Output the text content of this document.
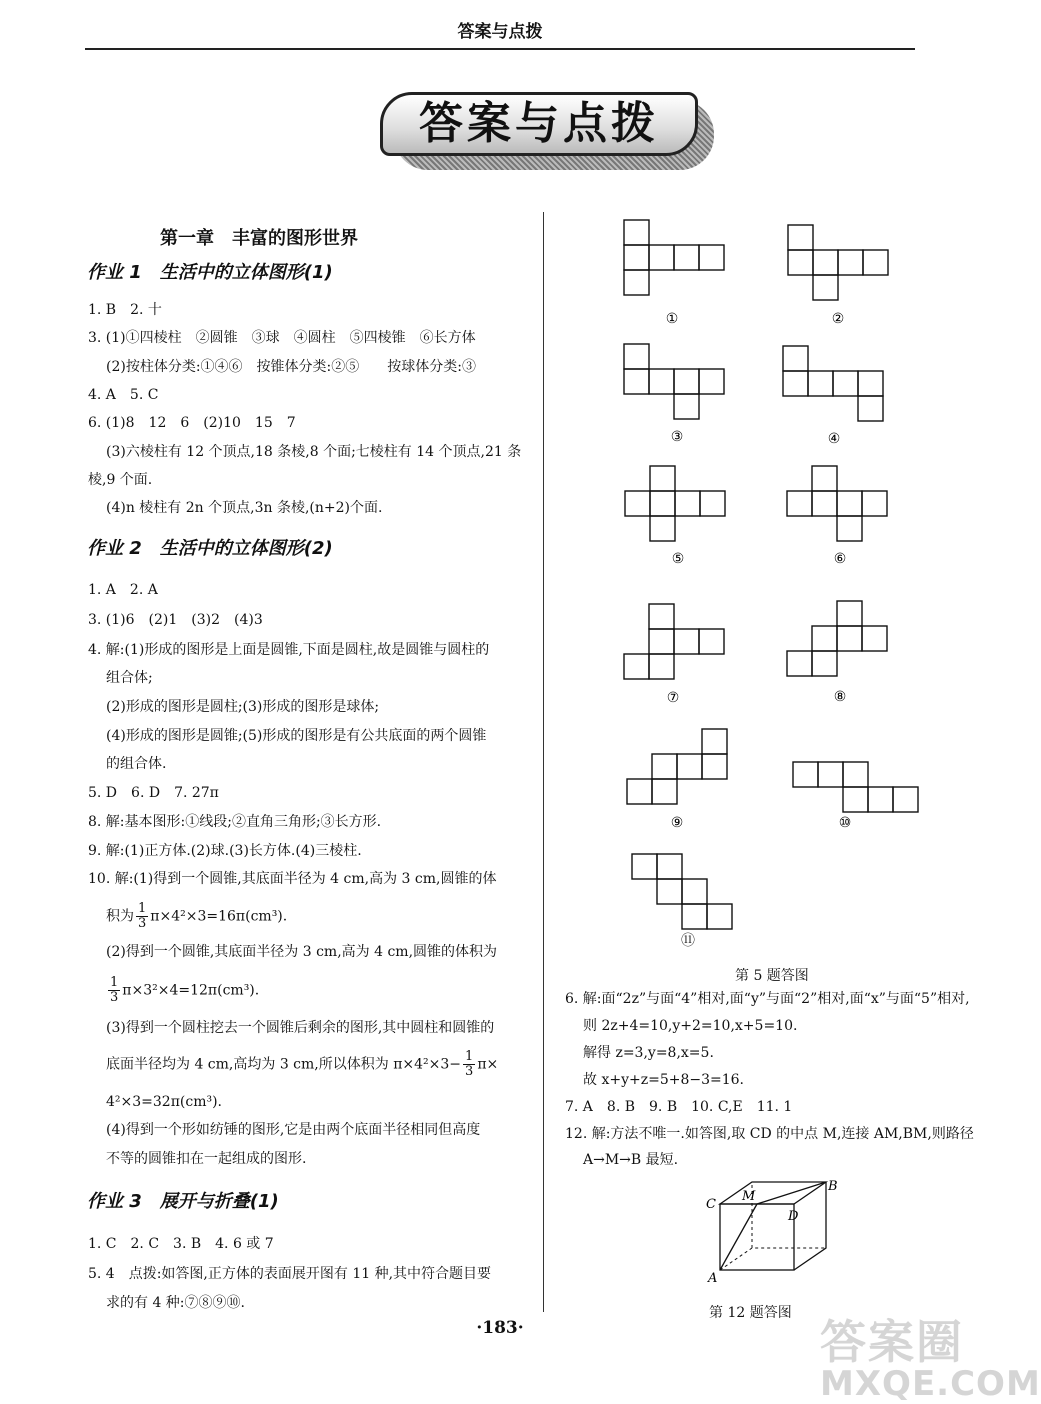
答案与点拨
答案与点拨
第一章　丰富的图形世界
作业 1　生活中的立体图形(1)
1. B　2. 十
3. (1)①四棱柱　②圆锥　③球　④圆柱　⑤四棱锥　⑥长方体
(2)按柱体分类:①④⑥　按锥体分类:②⑤　　按球体分类:③
4. A　5. C
6. (1)8　12　6　(2)10　15　7
(3)六棱柱有 12 个顶点,18 条棱,8 个面;七棱柱有 14 个顶点,21 条
棱,9 个面.
(4)n 棱柱有 2n 个顶点,3n 条棱,(n+2)个面.
作业 2　生活中的立体图形(2)
1. A　2. A
3. (1)6　(2)1　(3)2　(4)3
4. 解:(1)形成的图形是上面是圆锥,下面是圆柱,故是圆锥与圆柱的
组合体;
(2)形成的图形是圆柱;(3)形成的图形是球体;
(4)形成的图形是圆锥;(5)形成的图形是有公共底面的两个圆锥
的组合体.
5. D　6. D　7. 27π
8. 解:基本图形:①线段;②直角三角形;③长方形.
9. 解:(1)正方体.(2)球.(3)长方体.(4)三棱柱.
10. 解:(1)得到一个圆锥,其底面半径为 4 cm,高为 3 cm,圆锥的体
积为 $\frac{1}{3} \pi\times 4^2\times 3=16\pi(cm^3)$.
(2)得到一个圆锥,其底面半径为 3 cm,高为 4 cm,圆锥的体积为
$\frac{1}{3} \pi\times 3^2\times 4=12\pi(cm^3)$.
(3)得到一个圆柱挖去一个圆锥后剩余的图形,其中圆柱和圆锥的
底面半径均为 4 cm,高均为 3 cm,所以体积为 $\pi\times 4^2\times 3- \frac{1}{3} \pi\times$
4²×3=32π(cm³).
(4)得到一个形如纺锤的图形,它是由两个底面半径相同但高度
不等的圆锥扣在一起组成的图形.
作业 3　展开与折叠(1)
1. C　2. C　3. B　4. 6 或 7
5. 4　点拨:如答图,正方体的表面展开图有 11 种,其中符合题目要
求的有 4 种:⑦⑧⑨⑩.
①	②
③	④
⑤	⑥
⑦	⑧
⑨	⑩
⑪
第 5 题答图
6. 解:面“2z”与面“4”相对,面“y”与面“2”相对,面“x”与面“5”相对,
则 2z+4=10,y+2=10,x+5=10.
解得 z=3,y=8,x=5.
故 x+y+z=5+8−3=16.
7. A　8. B　9. B　10. C,E　11. 1
12. 解:方法不唯一.如答图,取 CD 的中点 M,连接 AM,BM,则路径
A→M→B 最短.
B
C
M
D
A
第 12 题答图
·183·	答案圈
MXQE.COM
